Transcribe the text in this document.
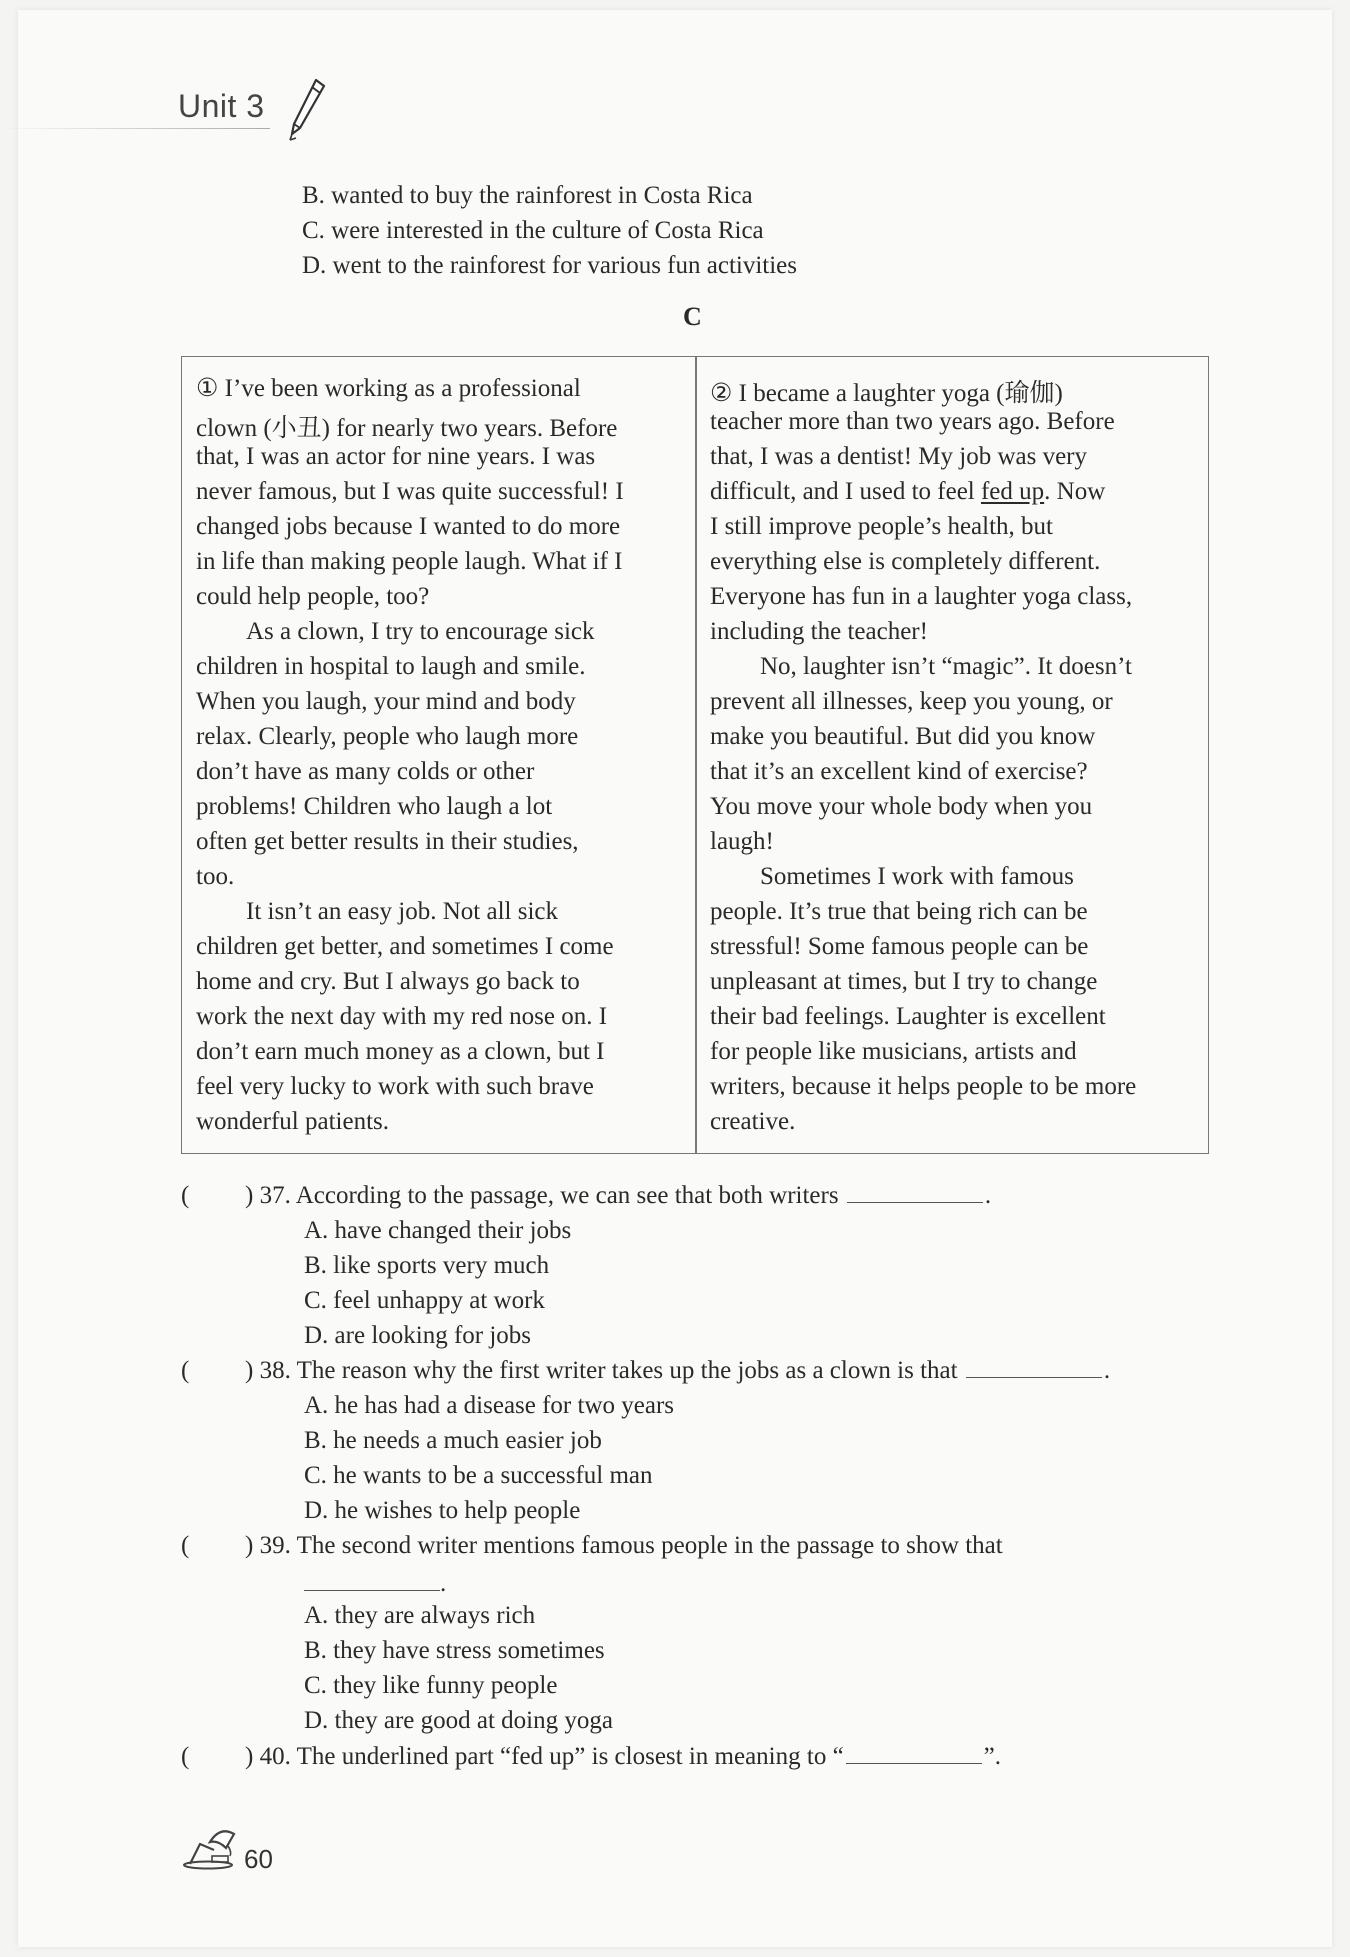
Unit 3
B. wanted to buy the rainforest in Costa Rica
C. were interested in the culture of Costa Rica
D. went to the rainforest for various fun activities
C
① I’ve been working as a professional
clown (小丑) for nearly two years. Before
that, I was an actor for nine years. I was
never famous, but I was quite successful! I
changed jobs because I wanted to do more
in life than making people laugh. What if I
could help people, too?
As a clown, I try to encourage sick
children in hospital to laugh and smile.
When you laugh, your mind and body
relax. Clearly, people who laugh more
don’t have as many colds or other
problems! Children who laugh a lot
often get better results in their studies,
too.
It isn’t an easy job. Not all sick
children get better, and sometimes I come
home and cry. But I always go back to
work the next day with my red nose on. I
don’t earn much money as a clown, but I
feel very lucky to work with such brave
wonderful patients.
② I became a laughter yoga (瑜伽)
teacher more than two years ago. Before
that, I was a dentist! My job was very
difficult, and I used to feel fed up. Now
I still improve people’s health, but
everything else is completely different.
Everyone has fun in a laughter yoga class,
including the teacher!
No, laughter isn’t “magic”. It doesn’t
prevent all illnesses, keep you young, or
make you beautiful. But did you know
that it’s an excellent kind of exercise?
You move your whole body when you
laugh!
Sometimes I work with famous
people. It’s true that being rich can be
stressful! Some famous people can be
unpleasant at times, but I try to change
their bad feelings. Laughter is excellent
for people like musicians, artists and
writers, because it helps people to be more
creative.
( ) 37. According to the passage, we can see that both writers	.
A. have changed their jobs
B. like sports very much
C. feel unhappy at work
D. are looking for jobs
( ) 38. The reason why the first writer takes up the jobs as a clown is that	.
A. he has had a disease for two years
B. he needs a much easier job
C. he wants to be a successful man
D. he wishes to help people
( ) 39. The second writer mentions famous people in the passage to show that
.
A. they are always rich
B. they have stress sometimes
C. they like funny people
D. they are good at doing yoga
( ) 40. The underlined part “fed up” is closest in meaning to “	”.
60
